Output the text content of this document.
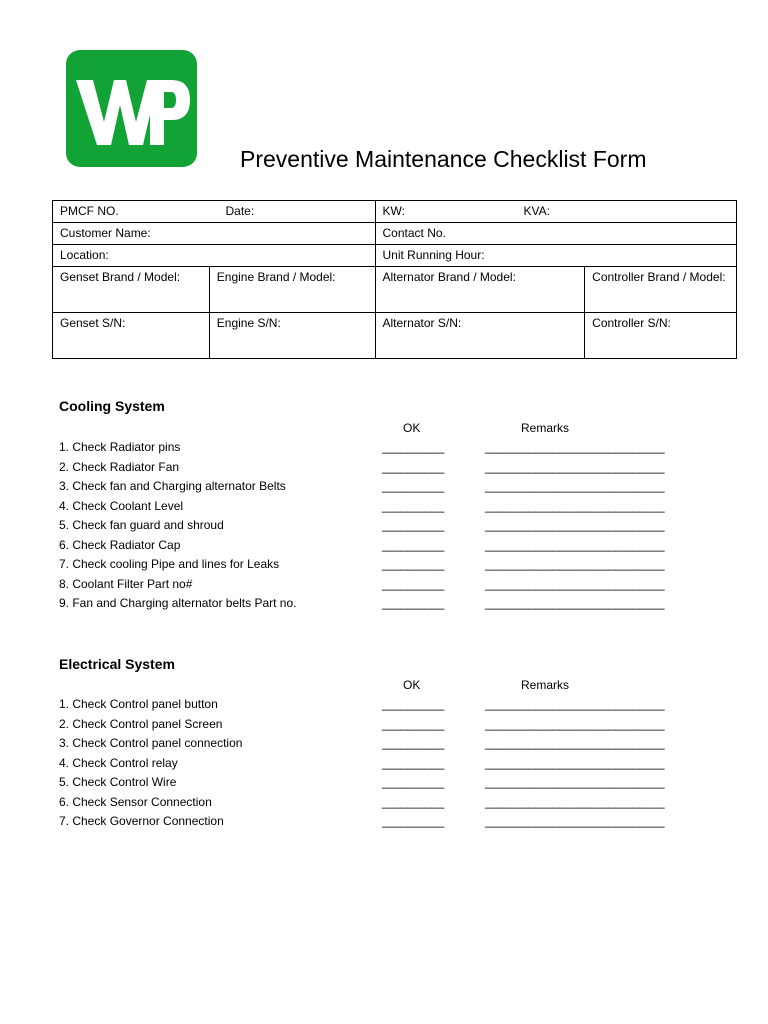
Preventive Maintenance Checklist Form
PMCF NO. Date:		KW: KVA:	

Customer Name:		Contact No.	
Location:		Unit Running Hour:	
Genset Brand / Model:	Engine Brand / Model:	Alternator Brand / Model:	Controller Brand / Model:
Genset S/N:	Engine S/N:	Alternator S/N:	Controller S/N:
Cooling System
OK	Remarks
1. Check Radiator pins	__________	_____________________________
2. Check Radiator Fan	__________	_____________________________
3. Check fan and Charging alternator Belts	__________	_____________________________
4. Check Coolant Level	__________	_____________________________
5. Check fan guard and shroud	__________	_____________________________
6. Check Radiator Cap	__________	_____________________________
7. Check cooling Pipe and lines for Leaks	__________	_____________________________
8. Coolant Filter Part no#	__________	_____________________________
9. Fan and Charging alternator belts Part no.	__________	_____________________________
Electrical System
OK	Remarks
1. Check Control panel button	__________	_____________________________
2. Check Control panel Screen	__________	_____________________________
3. Check Control panel connection	__________	_____________________________
4. Check Control relay	__________	_____________________________
5. Check Control Wire	__________	_____________________________
6. Check Sensor Connection	__________	_____________________________
7. Check Governor Connection	__________	_____________________________
